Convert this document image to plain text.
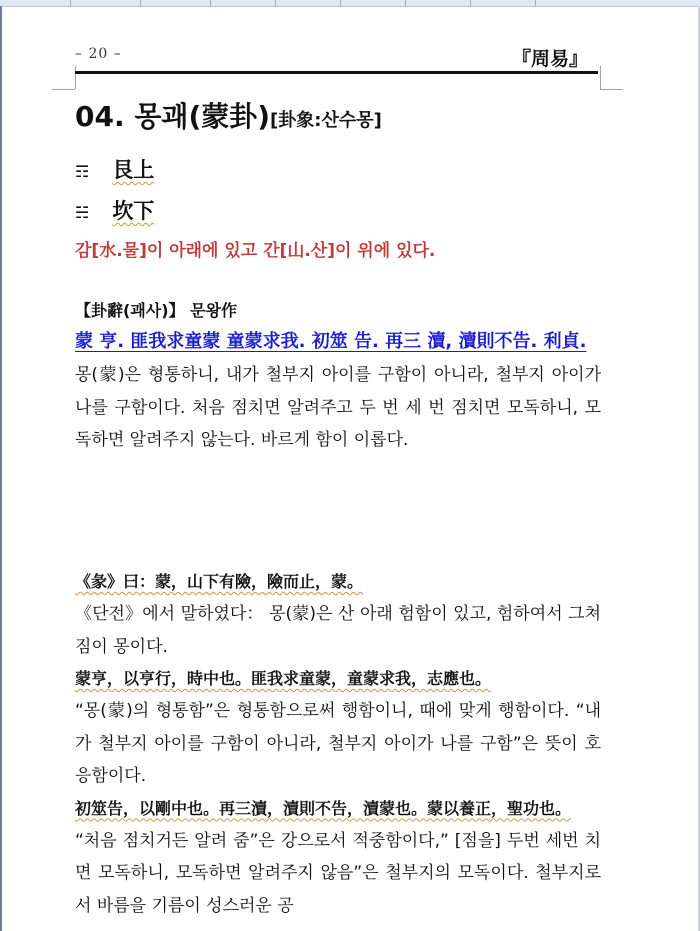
– 20 –	『周易』
04. 몽괘(蒙卦)[卦象:산수몽]
☶ 艮上
☵ 坎下
감[水.물]이 아래에 있고 간[山.산]이 위에 있다.
【卦辭(괘사)】 문왕作
蒙 亨. 匪我求童蒙 童蒙求我. 初筮 告. 再三 瀆, 瀆則不告. 利貞.
몽(蒙)은 형통하니, 내가 철부지 아이를 구함이 아니라, 철부지 아이가 나를 구함이다. 처음 점치면 알려주고 두 번 세 번 점치면 모독하니, 모독하면 알려주지 않는다. 바르게 함이 이롭다.
《彖》曰：蒙，山下有險，險而止，蒙。
《단전》에서 말하였다： 몽(蒙)은 산 아래 험함이 있고, 험하여서 그쳐짐이 몽이다.
蒙亨，以亨行，時中也。匪我求童蒙，童蒙求我，志應也。
“몽(蒙)의 형통함”은 형통함으로써 행함이니, 때에 맞게 행함이다. “내가 철부지 아이를 구함이 아니라, 철부지 아이가 나를 구함”은 뜻이 호응함이다.
初筮告，以剛中也。再三瀆，瀆則不告，瀆蒙也。蒙以養正，聖功也。
“처음 점치거든 알려 줌”은 강으로서 적중함이다,” [점을] 두번 세번 치면 모독하니, 모독하면 알려주지 않음”은 철부지의 모독이다. 철부지로서 바름을 기름이 성스러운 공
